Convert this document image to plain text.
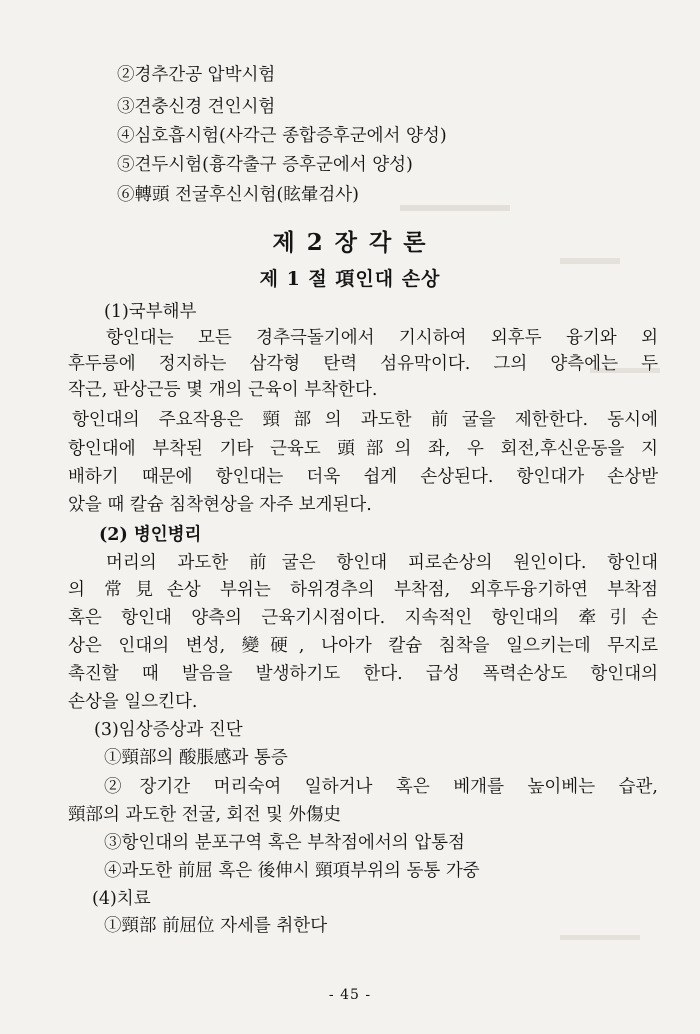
②경추간공 압박시험
③견충신경 견인시험
④심호흡시험(사각근 종합증후군에서 양성)
⑤견두시험(흉각출구 증후군에서 양성)
⑥轉頭 전굴후신시험(眩暈검사)
제 2 장 각 론
제 1 절 項인대 손상
(1)국부해부
항인대는 모든 경추극돌기에서 기시하여 외후두 융기와 외
후두릉에 정지하는 삼각형 탄력 섬유막이다. 그의 양측에는 두
작근, 판상근등 몇 개의 근육이 부착한다.
항인대의 주요작용은 頸部의 과도한 前굴을 제한한다. 동시에
항인대에 부착된 기타 근육도 頭部의 좌, 우 회전,후신운동을 지
배하기 때문에 항인대는 더욱 쉽게 손상된다. 항인대가 손상받
았을 때 칼슘 침착현상을 자주 보게된다.
(2) 병인병리
머리의 과도한 前굴은 항인대 피로손상의 원인이다. 항인대
의 常見손상 부위는 하위경추의 부착점, 외후두융기하연 부착점
혹은 항인대 양측의 근육기시점이다. 지속적인 항인대의 牽引손
상은 인대의 변성, 變硬, 나아가 칼슘 침착을 일으키는데 무지로
촉진할 때 발음을 발생하기도 한다. 급성 폭력손상도 항인대의
손상을 일으킨다.
(3)임상증상과 진단
①頸部의 酸脹感과 통증
②장기간 머리숙여 일하거나 혹은 베개를 높이베는 습관,
頸部의 과도한 전굴, 회전 및 外傷史
③항인대의 분포구역 혹은 부착점에서의 압통점
④과도한 前屈 혹은 後伸시 頸項부위의 동통 가중
(4)치료
①頸部 前屈位 자세를 취한다
- 45 -
